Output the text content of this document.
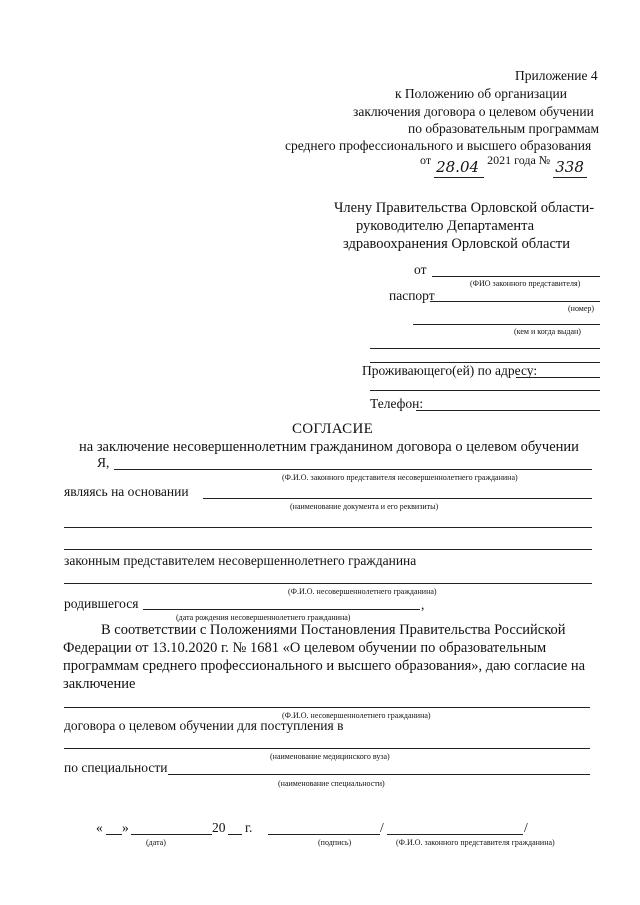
Приложение 4
к Положению об организации
заключения договора о целевом обучении
по образовательным программам
среднего профессионального и высшего образования
от 28.04 2021 года № 338
Члену Правительства Орловской области-
руководителю Департамента
здравоохранения Орловской области
от
(ФИО законного представителя)
паспорт
(номер)
(кем и когда выдан)
Проживающего(ей) по адресу:
Телефон:
СОГЛАСИЕ
на заключение несовершеннолетним гражданином договора о целевом обучении
Я,
(Ф.И.О. законного представителя несовершеннолетнего гражданина)
являясь на основании
(наименование документа и его реквизиты)
законным представителем несовершеннолетнего гражданина
(Ф.И.О. несовершеннолетнего гражданина)
родившегося	,
(дата рождения несовершеннолетнего гражданина)
В соответствии с Положениями Постановления Правительства Российской
Федерации от 13.10.2020 г. № 1681 «О целевом обучении по образовательным
программам среднего профессионального и высшего образования», даю согласие на
заключение
(Ф.И.О. несовершеннолетнего гражданина)
договора о целевом обучении для поступления в
(наименование медицинского вуза)
по специальности
(наименование специальности)
« »	20 г.	/	/
(дата)	(подпись)	(Ф.И.О. законного представителя гражданина)
